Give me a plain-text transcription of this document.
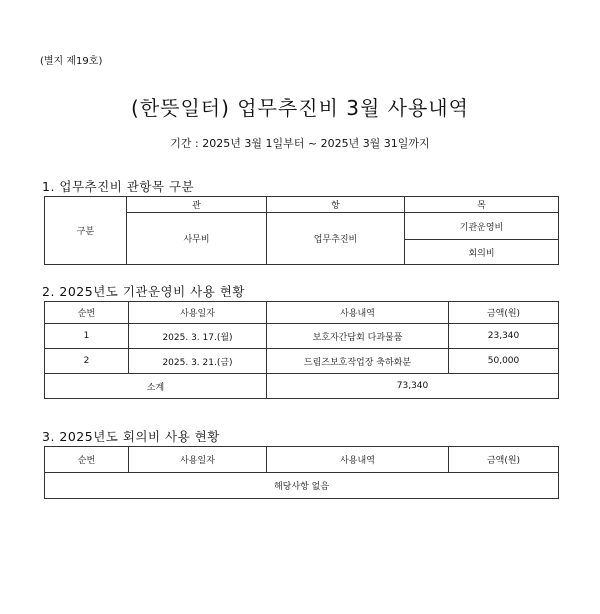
(별지 제19호)
(한뜻일터) 업무추진비 3월 사용내역
기간 : 2025년 3월 1일부터 ~ 2025년 3월 31일까지
1. 업무추진비 관항목 구분
구분	관	항	목
	사무비	업무추진비	기관운영비
			회의비
2. 2025년도 기관운영비 사용 현황
순번	사용일자	사용내역	금액(원)
1	2025. 3. 17.(월)	보호자간담회 다과물품	23,340
2	2025. 3. 21.(금)	드림즈보호작업장 축하화분	50,000
소계		73,340	
3. 2025년도 회의비 사용 현황
순번	사용일자	사용내역	금액(원)
해당사항 없음
